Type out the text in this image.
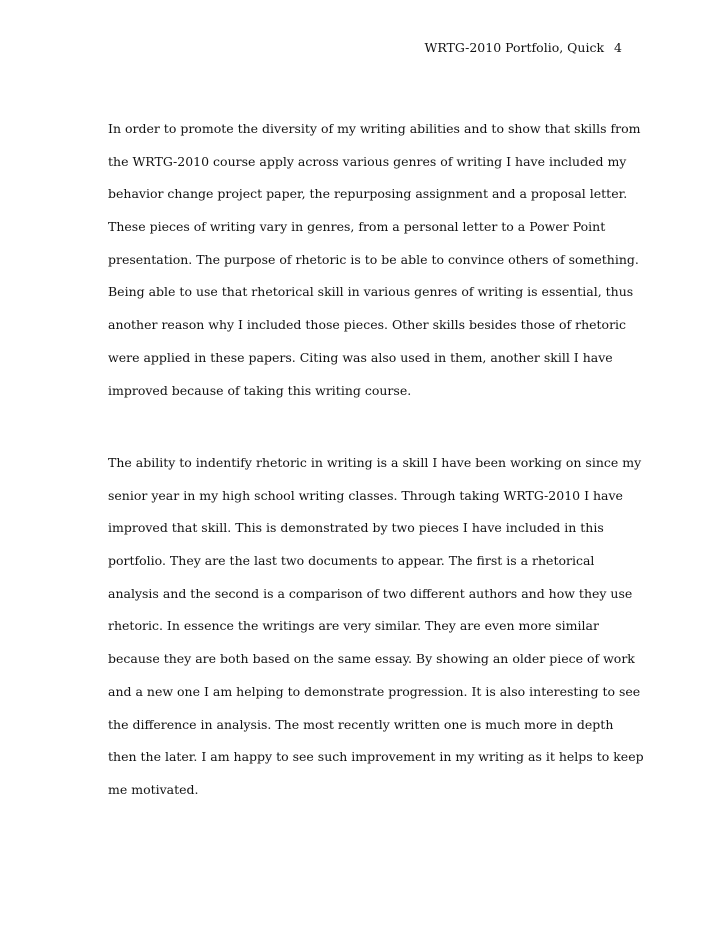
WRTG-2010 Portfolio, Quick 4
In order to promote the diversity of my writing abilities and to show that skills from
the WRTG-2010 course apply across various genres of writing I have included my
behavior change project paper, the repurposing assignment and a proposal letter.
These pieces of writing vary in genres, from a personal letter to a Power Point
presentation. The purpose of rhetoric is to be able to convince others of something.
Being able to use that rhetorical skill in various genres of writing is essential, thus
another reason why I included those pieces. Other skills besides those of rhetoric
were applied in these papers. Citing was also used in them, another skill I have
improved because of taking this writing course.
The ability to indentify rhetoric in writing is a skill I have been working on since my
senior year in my high school writing classes. Through taking WRTG-2010 I have
improved that skill. This is demonstrated by two pieces I have included in this
portfolio. They are the last two documents to appear. The first is a rhetorical
analysis and the second is a comparison of two different authors and how they use
rhetoric. In essence the writings are very similar. They are even more similar
because they are both based on the same essay. By showing an older piece of work
and a new one I am helping to demonstrate progression. It is also interesting to see
the difference in analysis. The most recently written one is much more in depth
then the later. I am happy to see such improvement in my writing as it helps to keep
me motivated.
